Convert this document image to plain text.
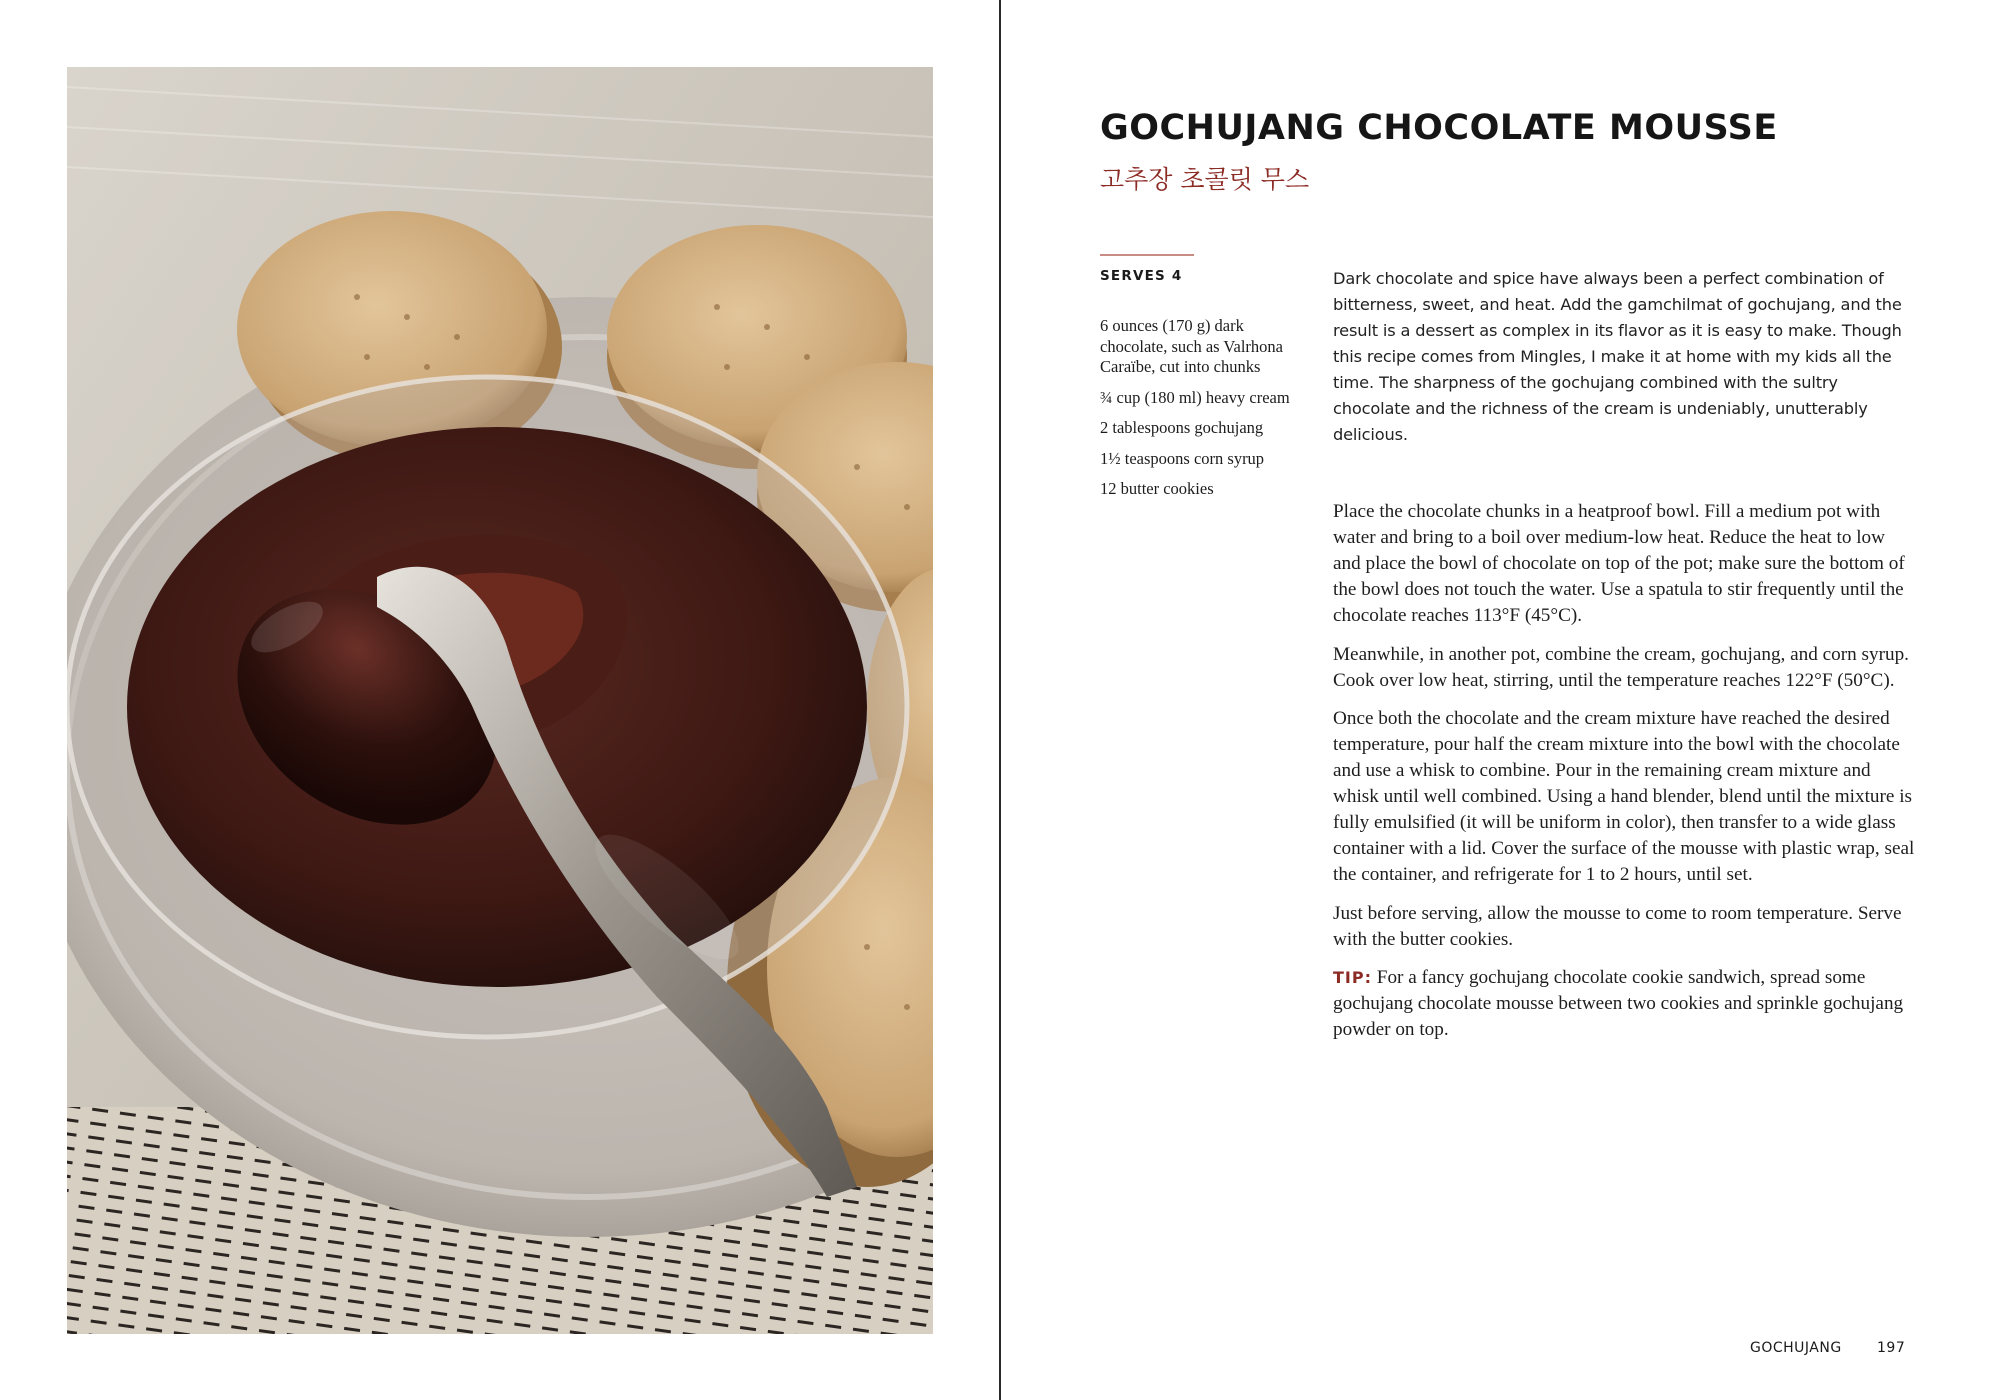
GOCHUJANG CHOCOLATE MOUSSE
고추장 초콜릿 무스
SERVES 4
6 ounces (170 g) dark chocolate, such as Valrhona Caraïbe, cut into chunks
¾ cup (180 ml) heavy cream
2 tablespoons gochujang
1½ teaspoons corn syrup
12 butter cookies

Dark chocolate and spice have always been a perfect combination of bitterness, sweet, and heat. Add the gamchilmat of gochujang, and the result is a dessert as complex in its flavor as it is easy to make. Though this recipe comes from Mingles, I make it at home with my kids all the time. The sharpness of the gochujang combined with the sultry chocolate and the richness of the cream is undeniably, unutterably delicious.

Place the chocolate chunks in a heatproof bowl. Fill a medium pot with water and bring to a boil over medium-low heat. Reduce the heat to low and place the bowl of chocolate on top of the pot; make sure the bottom of the bowl does not touch the water. Use a spatula to stir frequently until the chocolate reaches 113°F (45°C).

Meanwhile, in another pot, combine the cream, gochujang, and corn syrup. Cook over low heat, stirring, until the temperature reaches 122°F (50°C).

Once both the chocolate and the cream mixture have reached the desired temperature, pour half the cream mixture into the bowl with the chocolate and use a whisk to combine. Pour in the remaining cream mixture and whisk until well combined. Using a hand blender, blend until the mixture is fully emulsified (it will be uniform in color), then transfer to a wide glass container with a lid. Cover the surface of the mousse with plastic wrap, seal the container, and refrigerate for 1 to 2 hours, until set.

Just before serving, allow the mousse to come to room temperature. Serve with the butter cookies.

TIP: For a fancy gochujang chocolate cookie sandwich, spread some gochujang chocolate mousse between two cookies and sprinkle gochujang powder on top.

GOCHUJANG	197
